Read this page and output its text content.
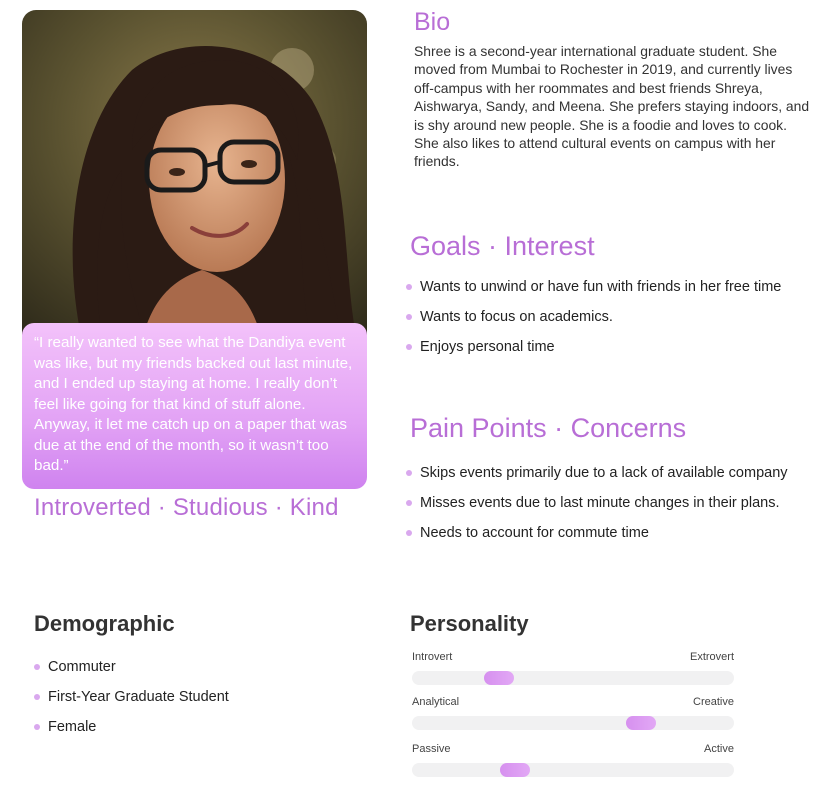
“I really wanted to see what the Dandiya event was like, but my friends backed out last minute, and I ended up staying at home. I really don’t feel like going for that kind of stuff alone. Anyway, it let me catch up on a paper that was due at the end of the month, so it wasn’t too bad.”

Introverted · Studious · Kind
Bio

Shree is a second-year international graduate student. She moved from Mumbai to Rochester in 2019, and currently lives off-campus with her roommates and best friends Shreya, Aishwarya, Sandy, and Meena. She prefers staying indoors, and is shy around new people. She is a foodie and loves to cook. She also likes to attend cultural events on campus with her friends.

Goals · Interest
Wants to unwind or have fun with friends in her free time
Wants to focus on academics.
Enjoys personal time
Pain Points · Concerns
Skips events primarily due to a lack of available company
Misses events due to last minute changes in their plans.
Needs to account for commute time
Demographic
Commuter
First-Year Graduate Student
Female
Personality
Introvert	Extrovert
Analytical	Creative
Passive	Active
